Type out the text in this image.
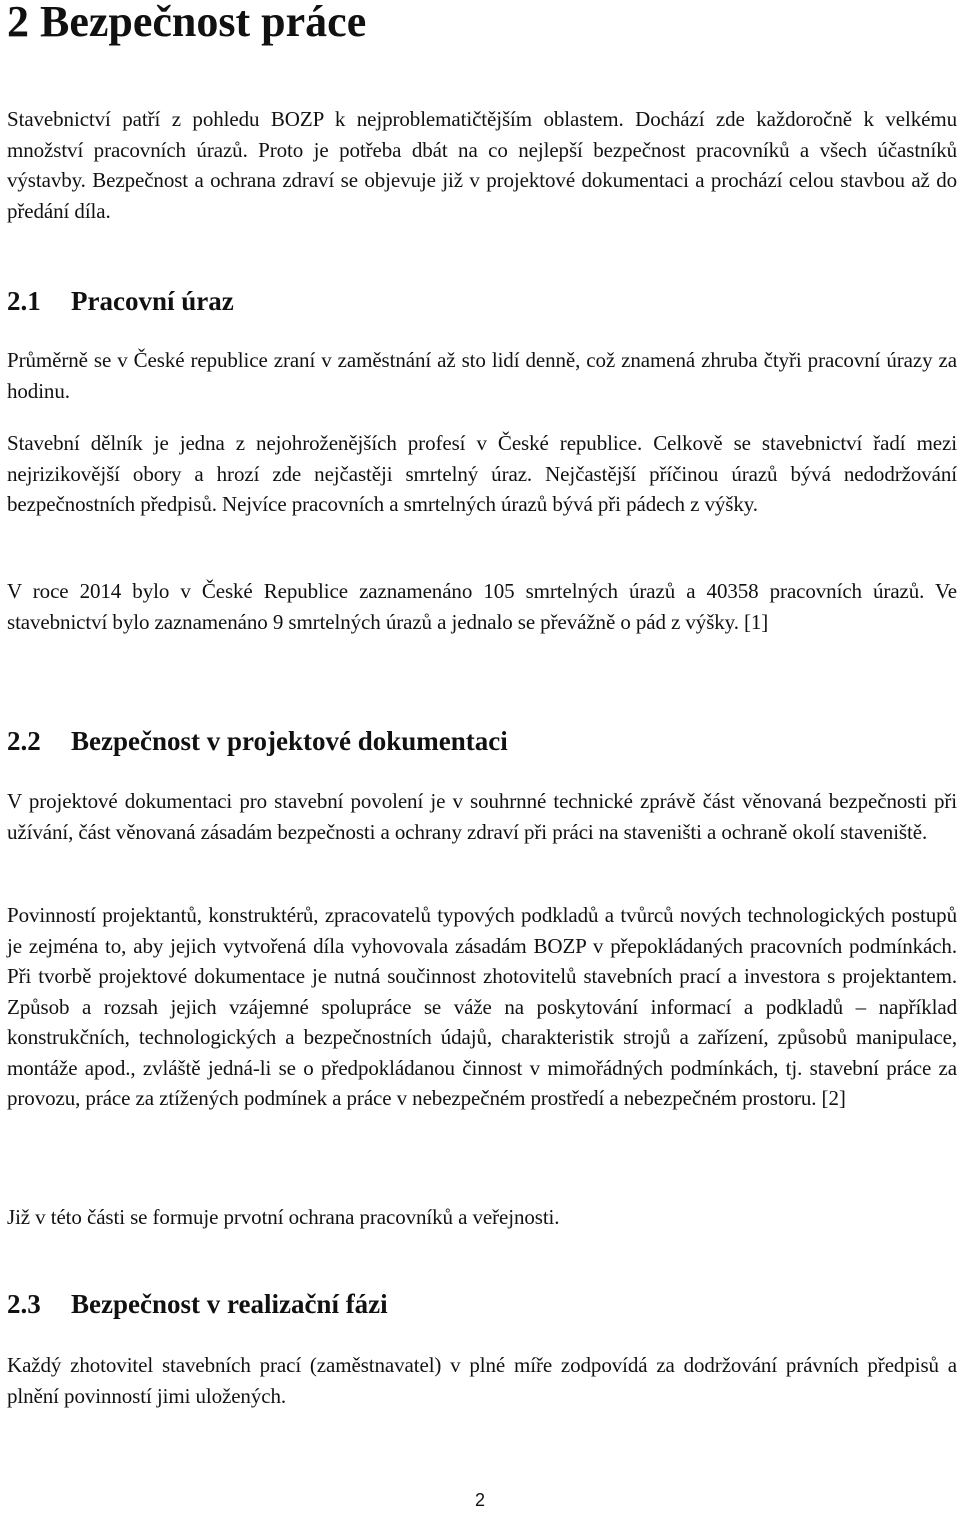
2 Bezpečnost práce

Stavebnictví patří z pohledu BOZP k nejproblematičtějším oblastem. Dochází zde každoročně k velkému množství pracovních úrazů. Proto je potřeba dbát na co nejlepší bezpečnost pracovníků a všech účastníků výstavby. Bezpečnost a ochrana zdraví se objevuje již v projektové dokumentaci a prochází celou stavbou až do předání díla.

2.1 Pracovní úraz

Průměrně se v České republice zraní v zaměstnání až sto lidí denně, což znamená zhruba čtyři pracovní úrazy za hodinu.

Stavební dělník je jedna z nejohroženějších profesí v České republice. Celkově se stavebnictví řadí mezi nejrizikovější obory a hrozí zde nejčastěji smrtelný úraz. Nejčastější příčinou úrazů bývá nedodržování bezpečnostních předpisů. Nejvíce pracovních a smrtelných úrazů bývá při pádech z výšky.

V roce 2014 bylo v České Republice zaznamenáno 105 smrtelných úrazů a 40358 pracovních úrazů. Ve stavebnictví bylo zaznamenáno 9 smrtelných úrazů a jednalo se převážně o pád z výšky. [1]

2.2 Bezpečnost v projektové dokumentaci

V projektové dokumentaci pro stavební povolení je v souhrnné technické zprávě část věnovaná bezpečnosti při užívání, část věnovaná zásadám bezpečnosti a ochrany zdraví při práci na staveništi a ochraně okolí staveniště.

Povinností projektantů, konstruktérů, zpracovatelů typových podkladů a tvůrců nových technologických postupů je zejména to, aby jejich vytvořená díla vyhovovala zásadám BOZP v přepokládaných pracovních podmínkách. Při tvorbě projektové dokumentace je nutná součinnost zhotovitelů stavebních prací a investora s projektantem. Způsob a rozsah jejich vzájemné spolupráce se váže na poskytování informací a podkladů – například konstrukčních, technologických a bezpečnostních údajů, charakteristik strojů a zařízení, způsobů manipulace, montáže apod., zvláště jedná-li se o předpokládanou činnost v mimořádných podmínkách, tj. stavební práce za provozu, práce za ztížených podmínek a práce v nebezpečném prostředí a nebezpečném prostoru. [2]

Již v této části se formuje prvotní ochrana pracovníků a veřejnosti.

2.3 Bezpečnost v realizační fázi

Každý zhotovitel stavebních prací (zaměstnavatel) v plné míře zodpovídá za dodržování právních předpisů a plnění povinností jimi uložených.

2
